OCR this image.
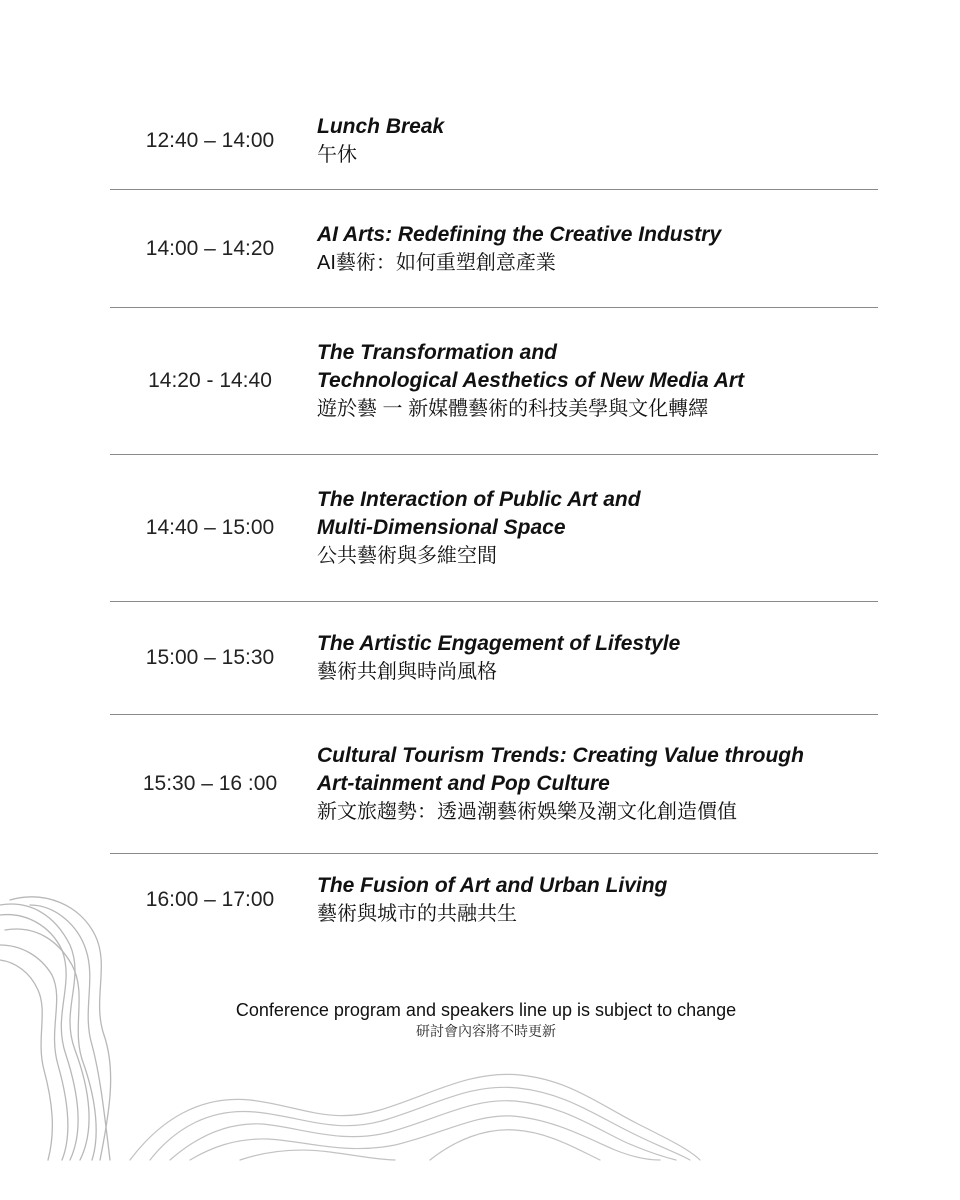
12:40 – 14:00
Lunch Break
午休
14:00 – 14:20
AI Arts: Redefining the Creative Industry
AI藝術：如何重塑創意產業
14:20 - 14:40
The Transformation and
Technological Aesthetics of New Media Art
遊於藝 一 新媒體藝術的科技美學與文化轉繹
14:40 – 15:00
The Interaction of Public Art and
Multi-Dimensional Space
公共藝術與多維空間
15:00 – 15:30
The Artistic Engagement of Lifestyle
藝術共創與時尚風格
15:30 – 16 :00
Cultural Tourism Trends: Creating Value through
Art-tainment and Pop Culture
新文旅趨勢：透過潮藝術娛樂及潮文化創造價值
16:00 – 17:00
The Fusion of Art and Urban Living
藝術與城市的共融共生
Conference program and speakers line up is subject to change
研討會內容將不時更新
